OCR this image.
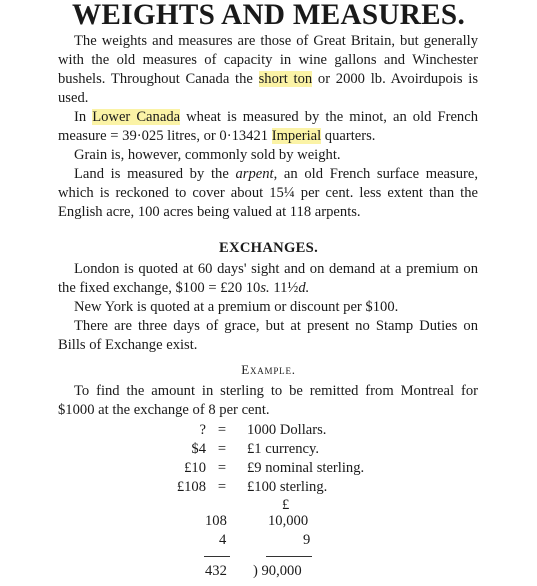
WEIGHTS AND MEASURES.

The weights and measures are those of Great Britain, but generally with the old measures of capacity in wine gallons and Winchester bushels. Throughout Canada the short ton or 2000 lb. Avoirdupois is used.

In Lower Canada wheat is measured by the minot, an old French measure = 39·025 litres, or 0·13421 Imperial quarters.

Grain is, however, commonly sold by weight.

Land is measured by the arpent, an old French surface measure, which is reckoned to cover about 15¼ per cent. less extent than the English acre, 100 acres being valued at 118 arpents.

EXCHANGES.

London is quoted at 60 days' sight and on demand at a premium on the fixed exchange, $100 = £20 10s. 11½d.

New York is quoted at a premium or discount per $100.

There are three days of grace, but at present no Stamp Duties on Bills of Exchange exist.

Example.

To find the amount in sterling to be remitted from Montreal for $1000 at the exchange of 8 per cent.

? = 1000 Dollars.
$4 = £1 currency.
£10 = £9 nominal sterling.
£108 = £100 sterling.
£
108	10,000
4	9
432 ) 90,000
